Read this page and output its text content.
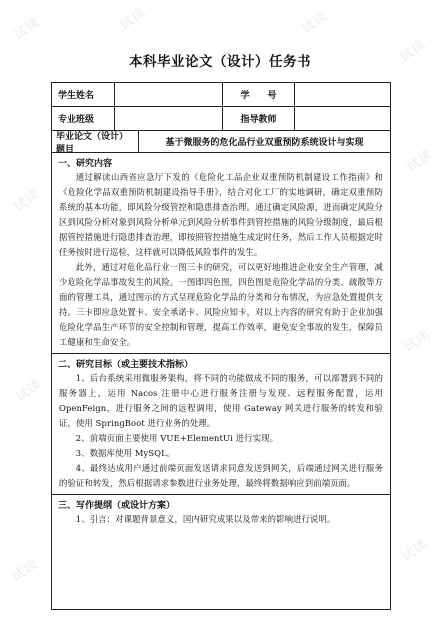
试读	试读	试读
试读
试读
试读
试读
试读
试读
试读
本科毕业论文（设计）任务书
学生姓名	学　　号
专业班级	指导教师
毕业论文（设计）题目
基于微服务的危化品行业双重预防系统设计与实现
一、研究内容

通过解读山西省应急厅下发的《危险化工品企业双重预防机制建设工作指南》和《危险化学品双重预防机制建设指导手册》，结合对化工厂的实地调研，确定双重预防系统的基本功能，即风险分级管控和隐患排查治理。通过确定风险源，进而确定风险分区到风险分析对象到风险分析单元到风险分析事件到管控措施的风险分级制度，最后根据管控措施进行隐患排查治理，即按照管控措施生成定时任务，然后工作人员根据定时任务按时进行巡检，这样就可以降低风险事件的发生。

此外，通过对危化品行业一图三卡的研究，可以更好地推进企业安全生产管理，减少危险化学品事故发生的风险。一图即四色图，四色图是危险化学品的分类、疏散等方面的管理工具，通过图示的方式呈现危险化学品的分类和分布情况，为应急处置提供支持。三卡即应急处置卡、安全承诺卡、风险应知卡，对以上内容的研究有助于企业加强危险化学品生产环节的安全控制和管理，提高工作效率，避免安全事故的发生，保障员工健康和生命安全。

二、研究目标（或主要技术指标）

1、后台系统采用微服务架构，将不同的功能做成不同的服务，可以部署到不同的服务器上，运用 Nacos 注册中心进行服务注册与发现、远程服务配置，运用 OpenFeign，进行服务之间的远程调用，使用 Gateway 网关进行服务的转发和验证，使用 SpringBoot 进行业务的处理。

2、前端页面主要使用 VUE+ElementUi 进行实现。

3、数据库使用 MySQL。

4、最终达成用户通过前端页面发送请求同意发送到网关，后端通过网关进行服务的验证和转发，然后根据请求参数进行业务处理，最终将数据响应到前端页面。

三、写作提纲（或设计方案）

1、引言：对课题背景意义，国内研究成果以及带来的影响进行说明。
